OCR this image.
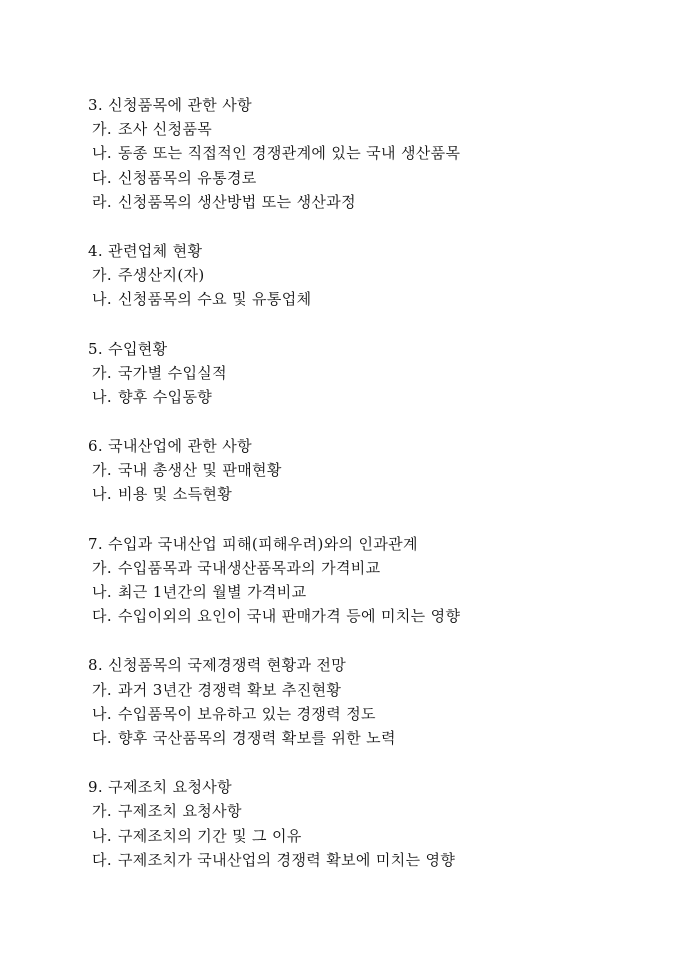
3. 신청품목에 관한 사항
가. 조사 신청품목
나. 동종 또는 직접적인 경쟁관계에 있는 국내 생산품목
다. 신청품목의 유통경로
라. 신청품목의 생산방법 또는 생산과정
4. 관련업체 현황
가. 주생산지(자)
나. 신청품목의 수요 및 유통업체
5. 수입현황
가. 국가별 수입실적
나. 향후 수입동향
6. 국내산업에 관한 사항
가. 국내 총생산 및 판매현황
나. 비용 및 소득현황
7. 수입과 국내산업 피해(피해우려)와의 인과관계
가. 수입품목과 국내생산품목과의 가격비교
나. 최근 1년간의 월별 가격비교
다. 수입이외의 요인이 국내 판매가격 등에 미치는 영향
8. 신청품목의 국제경쟁력 현황과 전망
가. 과거 3년간 경쟁력 확보 추진현황
나. 수입품목이 보유하고 있는 경쟁력 정도
다. 향후 국산품목의 경쟁력 확보를 위한 노력
9. 구제조치 요청사항
가. 구제조치 요청사항
나. 구제조치의 기간 및 그 이유
다. 구제조치가 국내산업의 경쟁력 확보에 미치는 영향
